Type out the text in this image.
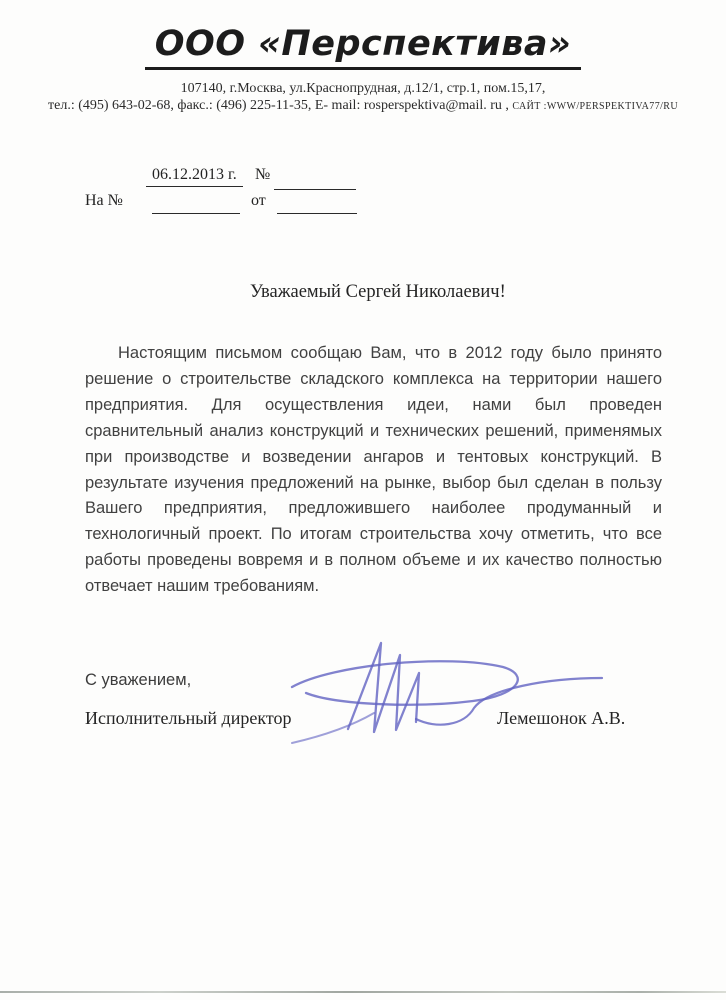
ООО «Перспектива»
107140, г.Москва, ул.Краснопрудная, д.12/1, стр.1, пом.15,17,
тел.: (495) 643-02-68, факс.: (496) 225-11-35, E- mail: rosperspektiva@mail. ru , САЙТ :WWW/PERSPEKTIVA77/RU
06.12.2013 г.	№
На №	от
Уважаемый Сергей Николаевич!
Настоящим письмом сообщаю Вам, что в 2012 году было принято решение о строительстве складского комплекса на территории нашего предприятия. Для осуществления идеи, нами был проведен сравнительный анализ конструкций и технических решений, применямых при производстве и возведении ангаров и тентовых конструкций. В результате изучения предложений на рынке, выбор был сделан в пользу Вашего предприятия, предложившего наиболее продуманный и технологичный проект. По итогам строительства хочу отметить, что все работы проведены вовремя и в полном объеме и их качество полностью отвечает нашим требованиям.
С уважением,
Исполнительный директор	Лемешонок А.В.
